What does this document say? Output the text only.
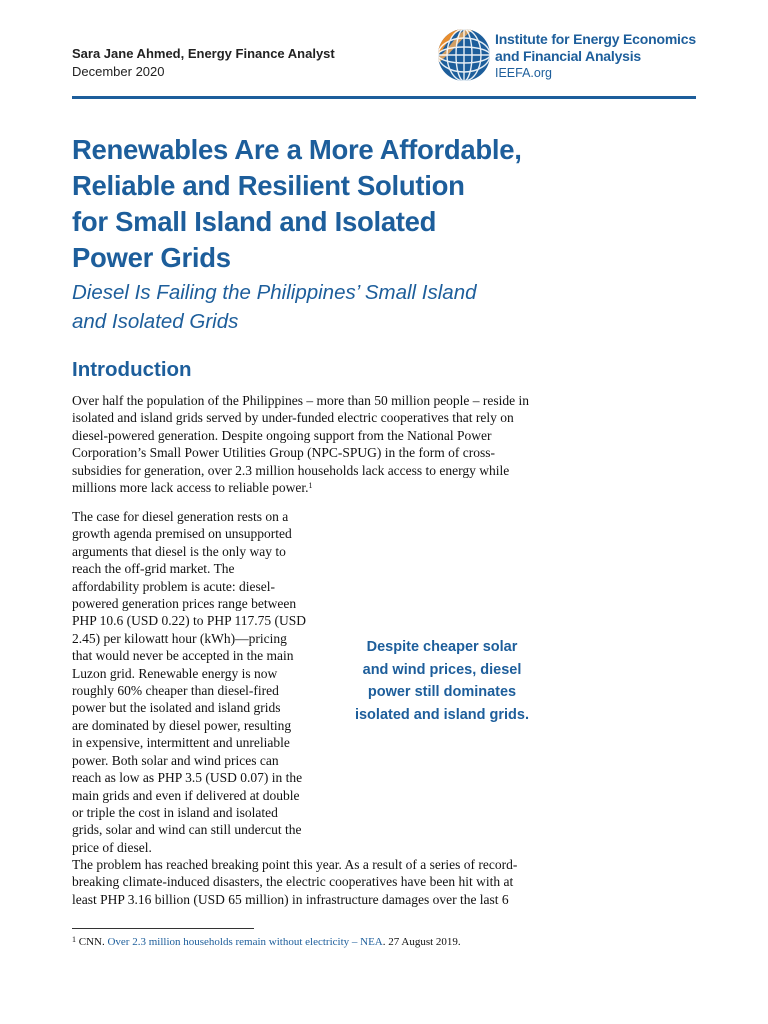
Sara Jane Ahmed, Energy Finance Analyst
December 2020
Institute for Energy Economics
and Financial Analysis
IEEFA.org
Renewables Are a More Affordable,
Reliable and Resilient Solution
for Small Island and Isolated
Power Grids
Diesel Is Failing the Philippines’ Small Island
and Isolated Grids
Introduction
Over half the population of the Philippines – more than 50 million people – reside in
isolated and island grids served by under-funded electric cooperatives that rely on
diesel-powered generation. Despite ongoing support from the National Power
Corporation’s Small Power Utilities Group (NPC-SPUG) in the form of cross-
subsidies for generation, over 2.3 million households lack access to energy while
millions more lack access to reliable power.$^1$
The case for diesel generation rests on a
growth agenda premised on unsupported
arguments that diesel is the only way to
reach the off-grid market. The
affordability problem is acute: diesel-
powered generation prices range between
PHP 10.6 (USD 0.22) to PHP 117.75 (USD
2.45) per kilowatt hour (kWh)—pricing
that would never be accepted in the main
Luzon grid. Renewable energy is now
roughly 60% cheaper than diesel-fired
power but the isolated and island grids
are dominated by diesel power, resulting
in expensive, intermittent and unreliable
power. Both solar and wind prices can
reach as low as PHP 3.5 (USD 0.07) in the
main grids and even if delivered at double
or triple the cost in island and isolated
grids, solar and wind can still undercut the
price of diesel.
Despite cheaper solar
and wind prices, diesel
power still dominates
isolated and island grids.
The problem has reached breaking point this year. As a result of a series of record-
breaking climate-induced disasters, the electric cooperatives have been hit with at
least PHP 3.16 billion (USD 65 million) in infrastructure damages over the last 6
$^1$ CNN. Over 2.3 million households remain without electricity – NEA. 27 August 2019.
